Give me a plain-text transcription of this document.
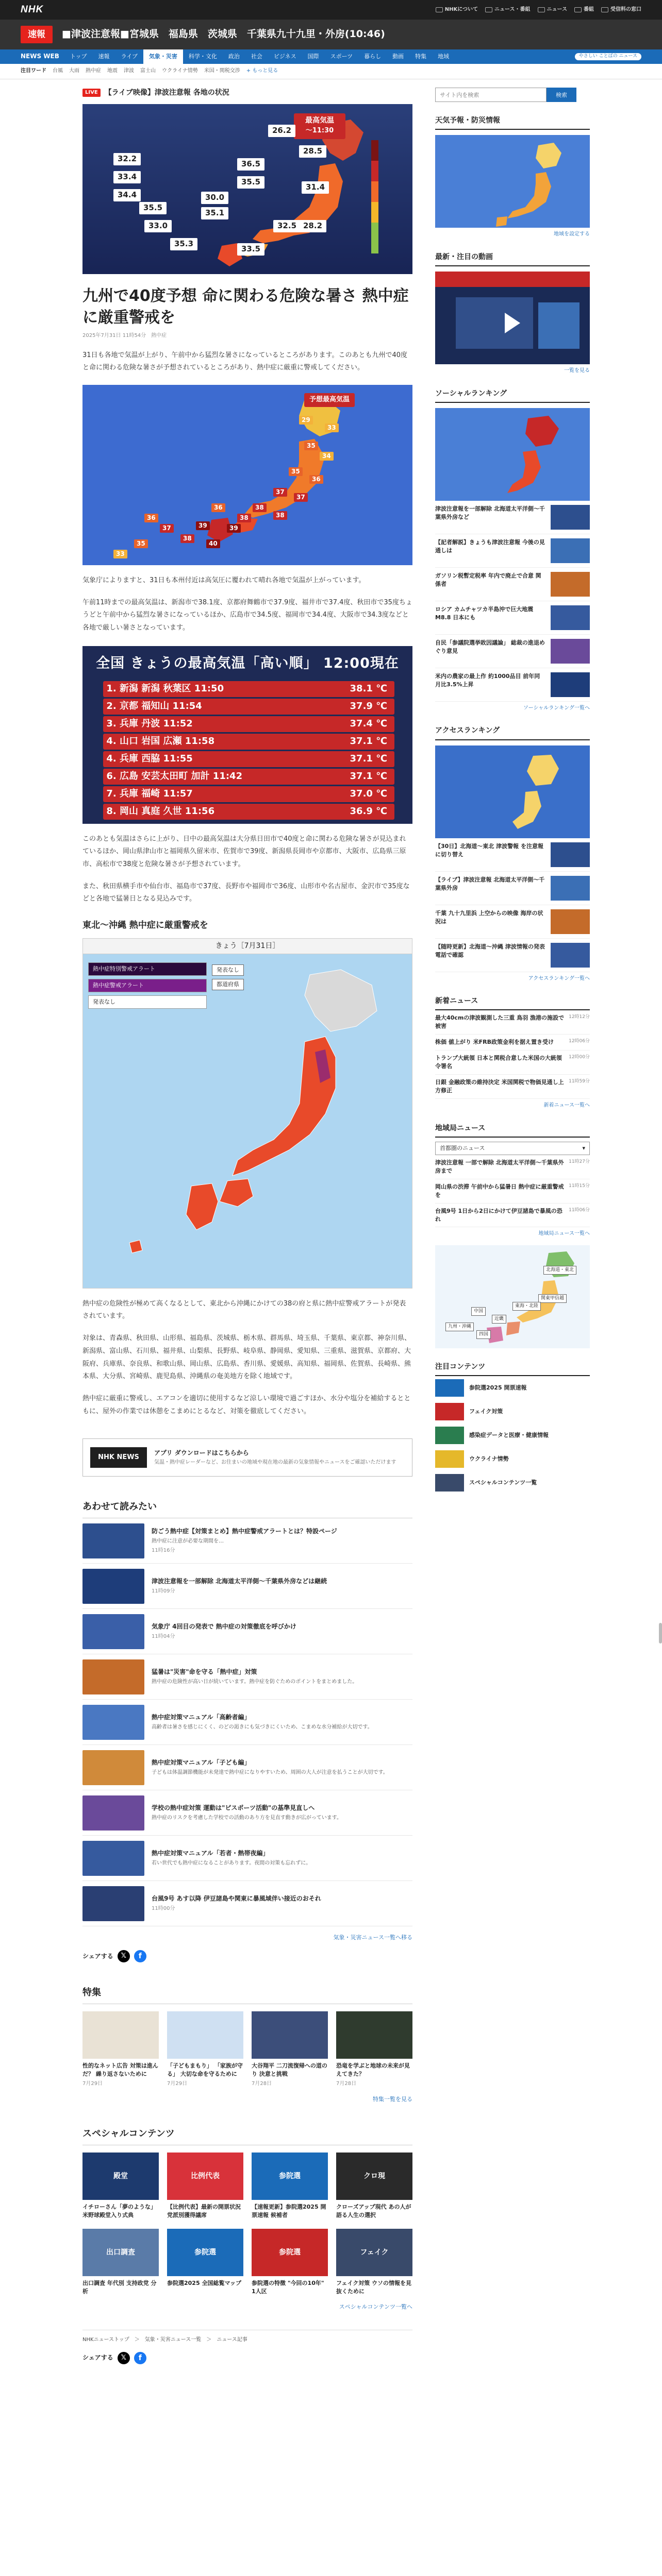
NHK	NHKについて	ニュース・番組	ニュース	番組	受信料の窓口
速報	■津波注意報■宮城県　福島県　茨城県　千葉県九十九里・外房(10:46)
NEWS WEB	トップ	速報	ライブ	気象・災害	科学・文化	政治	社会	ビジネス	国際	スポーツ	暮らし	動画	特集	地域	やさしい ことばの ニュース
注目ワード 台風 大雨 熱中症 地震 津波 富士山 ウクライナ情勢 米国・関税交渉 + もっと見る
LIVE 【ライブ映像】津波注意報 各地の状況
最高気温
〜11:30
26.2
28.5
32.2
36.5
33.4
35.5
34.4
31.4
30.0
35.5
35.1
33.0	32.5 28.2
35.3
33.5
九州で40度予想 命に関わる危険な暑さ 熱中症に厳重警戒を
2025年7月31日 11時54分　熱中症

31日も各地で気温が上がり、午前中から猛烈な暑さになっているところがあります。このあとも九州で40度と命に関わる危険な暑さが予想されているところがあり、熱中症に厳重に警戒してください。

予想最高気温
29
33
35
34
35
36
37
37
38
38
38
36
39
39
40
38
37
36
35
33

気象庁によりますと、31日も本州付近は高気圧に覆われて晴れ各地で気温が上がっています。

午前11時までの最高気温は、新潟市で38.1度、京都府舞鶴市で37.9度、福井市で37.4度、秋田市で35度ちょうどと午前中から猛烈な暑さになっているほか、広島市で34.5度、福岡市で34.4度、大阪市で34.3度などと各地で厳しい暑さとなっています。

全国 きょうの最高気温「高い順」 12:00現在
1. 新潟 新潟 秋葉区 11:50	38.1 ℃
2. 京都 福知山 11:54	37.9 ℃
3. 兵庫 丹波 11:52	37.4 ℃
4. 山口 岩国 広瀬 11:58	37.1 ℃
4. 兵庫 西脇 11:55	37.1 ℃
6. 広島 安芸太田町 加計 11:42	37.1 ℃
7. 兵庫 福崎 11:57	37.0 ℃
8. 岡山 真庭 久世 11:56	36.9 ℃

このあとも気温はさらに上がり、日中の最高気温は大分県日田市で40度と命に関わる危険な暑さが見込まれているほか、岡山県津山市と福岡県久留米市、佐賀市で39度、新潟県長岡市や京都市、大阪市、広島県三原市、高松市で38度と危険な暑さが予想されています。

また、秋田県横手市や仙台市、福島市で37度、長野市や福岡市で36度、山形市や名古屋市、金沢市で35度などと各地で猛暑日となる見込みです。

東北〜沖縄 熱中症に厳重警戒を
きょう［7月31日］
熱中症特別警戒アラート
熱中症警戒アラート
発表なし
発表なし
都道府県

熱中症の危険性が極めて高くなるとして、東北から沖縄にかけての38の府と県に熱中症警戒アラートが発表されています。

対象は、青森県、秋田県、山形県、福島県、茨城県、栃木県、群馬県、埼玉県、千葉県、東京都、神奈川県、新潟県、富山県、石川県、福井県、山梨県、長野県、岐阜県、静岡県、愛知県、三重県、滋賀県、京都府、大阪府、兵庫県、奈良県、和歌山県、岡山県、広島県、香川県、愛媛県、高知県、福岡県、佐賀県、長崎県、熊本県、大分県、宮崎県、鹿児島県、沖縄県の奄美地方を除く地域です。

熱中症に厳重に警戒し、エアコンを適切に使用するなど涼しい環境で過ごすほか、水分や塩分を補給するとともに、屋外の作業では休憩をこまめにとるなど、対策を徹底してください。

NHK NEWS
アプリ ダウンロードはこちらから
気温・熱中症レーダーなど、お住まいの地域や現在地の最新の気象情報やニュースをご確認いただけます
あわせて読みたい
防ごう熱中症【対策まとめ】熱中症警戒アラートとは？特設ページ
熱中症に注意が必要な期間を…
11時16分
津波注意報を一部解除 北海道太平洋側〜千葉県外房などは継続
11時09分
気象庁 4回目の発表で 熱中症の対策徹底を呼びかけ
11時04分
猛暑は"災害"命を守る「熱中症」対策
熱中症の危険性が高い日が続いています。熱中症を防ぐためのポイントをまとめました。
熱中症対策マニュアル「高齢者編」
高齢者は暑さを感じにくく、のどの渇きにも気づきにくいため、こまめな水分補給が大切です。
熱中症対策マニュアル「子ども編」
子どもは体温調節機能が未発達で熱中症になりやすいため、周囲の大人が注意を払うことが大切です。
学校の熱中症対策 運動は"ピスポーツ活動"の基準見直しへ
熱中症のリスクを考慮した学校での活動のあり方を見直す動きが広がっています。
熱中症対策マニュアル「若者・熱帯夜編」
若い世代でも熱中症になることがあります。夜間の対策も忘れずに。
台風9号 あす以降 伊豆諸島や関東に暴風域伴い接近のおそれ
11時00分
気象・災害ニュース一覧へ移る
シェアする	𝕏	f
特集
性的なネット広告 対策は進んだ？ 繰り返さないために
7月29日
「子どもまもり」 「家族が守る」 大切な命を守るために
7月29日
大谷翔平 二刀流復帰への道のり 決意と挑戦
7月28日
恐竜を学ぶと地球の未来が見えてきた？
7月28日
特集一覧を見る
スペシャルコンテンツ
殿堂
イチローさん「夢のような」米野球殿堂入り式典
比例代表
【比例代表】最新の開票状況 党派別獲得議席
参院選
【速報更新】参院選2025 開票速報 候補者
クロ現
クローズアップ現代 あの人が語る人生の選択
出口調査
出口調査 年代別 支持政党 分析
参院選
参院選2025 全国総覧マップ
参院選
参院選の特徴 "今回の10年" 1人区
フェイク
フェイク対策 ウソの情報を見抜くために
スペシャルコンテンツ一覧へ
NHKニューストップ　＞　気象・災害ニュース一覧　＞　ニュース記事
シェアする	𝕏	f
サイト内を検索
検索
天気予報・防災情報
地域を設定する
最新・注目の動画
一覧を見る
ソーシャルランキング
津波注意報を一部解除 北海道太平洋側〜千葉県外房など
【記者解説】きょうも津波注意報 今後の見通しは
ガソリン税暫定税率 年内で廃止で合意 関係者
ロシア カムチャツカ半島沖で巨大地震 M8.8 日本にも
自民「参議院選挙敗因議論」 総裁の進退めぐり意見
米内の農家の最上作 約1000品目 前年同月比3.5%上昇
ソーシャルランキング一覧へ
アクセスランキング
【30日】北海道〜東北 津波警報 を注意報に切り替え
【ライブ】津波注意報 北海道太平洋側〜千葉県外房
千葉 九十九里浜 上空からの映像 海岸の状況は
【随時更新】北海道〜沖縄 津波情報の発表 電話で確認
アクセスランキング一覧へ
新着ニュース
最大40cmの津波観測した三重 鳥羽 漁港の施設で被害
12時12分
株価 値上がり 米FRB政策金利を据え置き受け	12時06分
トランプ大統領 日本と関税合意した米国の大統領令署名
12時00分
日銀 金融政策の維持決定 米国関税で物価見通し上方修正
11時59分
新着ニュース一覧へ
地域局ニュース
首都圏のニュース	▾
津波注意報 一部で解除 北海道太平洋側〜千葉県外房まで
11時27分
岡山県の渋滞 午前中から猛暑日 熱中症に厳重警戒を
11時15分
台風9号 1日から2日にかけて伊豆諸島で暴風の恐れ
11時06分
地域局ニュース一覧へ
北海道・東北
関東甲信越
東海・北陸
近畿
中国
四国
九州・沖縄
注目コンテンツ
参院選2025 開票速報
フェイク対策
感染症データと医療・健康情報
ウクライナ情勢
スペシャルコンテンツ一覧
